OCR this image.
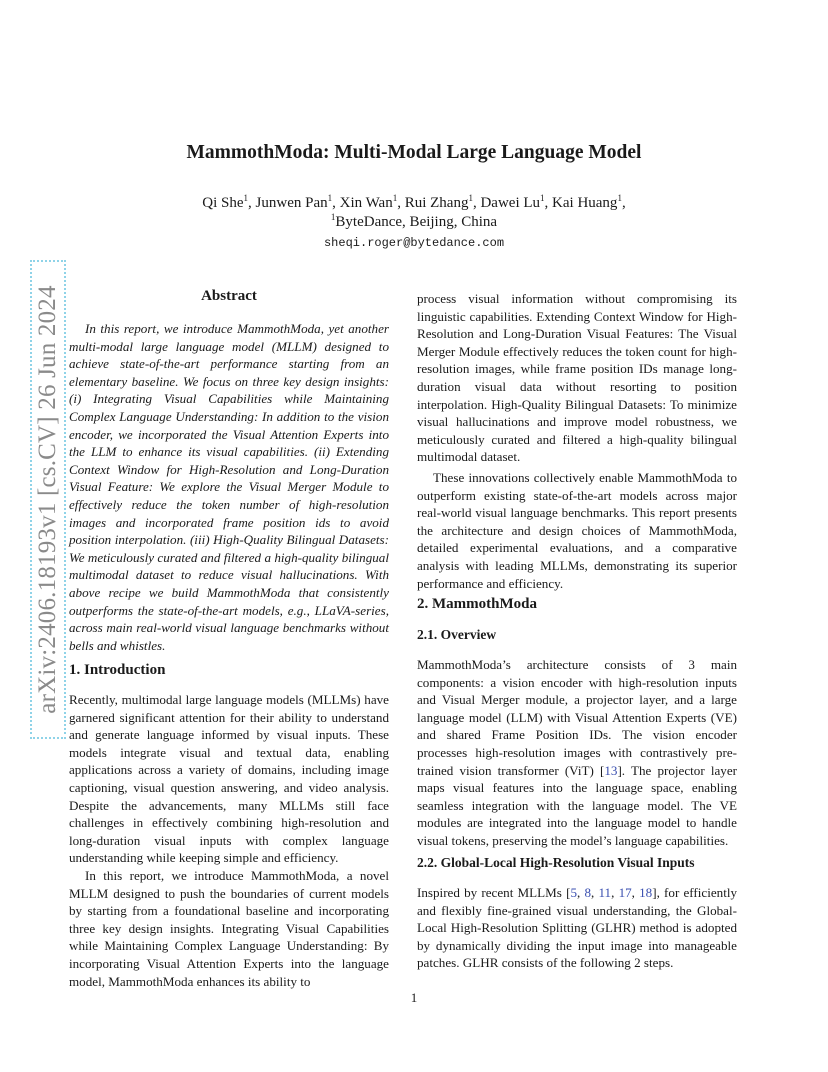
arXiv:2406.18193v1 [cs.CV] 26 Jun 2024
MammothModa: Multi-Modal Large Language Model
Qi She$^1$, Junwen Pan$^1$, Xin Wan$^1$, Rui Zhang$^1$, Dawei Lu$^1$, Kai Huang$^1$,
$^1$ByteDance, Beijing, China
sheqi.roger@bytedance.com
Abstract
In this report, we introduce MammothModa, yet another multi-modal large language model (MLLM) designed to achieve state-of-the-art performance starting from an elementary baseline. We focus on three key design insights: (i) Integrating Visual Capabilities while Maintaining Complex Language Understanding: In addition to the vision encoder, we incorporated the Visual Attention Experts into the LLM to enhance its visual capabilities. (ii) Extending Context Window for High-Resolution and Long-Duration Visual Feature: We explore the Visual Merger Module to effectively reduce the token number of high-resolution images and incorporated frame position ids to avoid position interpolation. (iii) High-Quality Bilingual Datasets: We meticulously curated and filtered a high-quality bilingual multimodal dataset to reduce visual hallucinations. With above recipe we build MammothModa that consistently outperforms the state-of-the-art models, e.g., LLaVA-series, across main real-world visual language benchmarks without bells and whistles.
1. Introduction

Recently, multimodal large language models (MLLMs) have garnered significant attention for their ability to understand and generate language informed by visual inputs. These models integrate visual and textual data, enabling applications across a variety of domains, including image captioning, visual question answering, and video analysis. Despite the advancements, many MLLMs still face challenges in effectively combining high-resolution and long-duration visual inputs with complex language understanding while keeping simple and efficiency.

In this report, we introduce MammothModa, a novel MLLM designed to push the boundaries of current models by starting from a foundational baseline and incorporating three key design insights. Integrating Visual Capabilities while Maintaining Complex Language Understanding: By incorporating Visual Attention Experts into the language model, MammothModa enhances its ability to

process visual information without compromising its linguistic capabilities. Extending Context Window for High-Resolution and Long-Duration Visual Features: The Visual Merger Module effectively reduces the token count for high-resolution images, while frame position IDs manage long-duration visual data without resorting to position interpolation. High-Quality Bilingual Datasets: To minimize visual hallucinations and improve model robustness, we meticulously curated and filtered a high-quality bilingual multimodal dataset.

These innovations collectively enable MammothModa to outperform existing state-of-the-art models across major real-world visual language benchmarks. This report presents the architecture and design choices of MammothModa, detailed experimental evaluations, and a comparative analysis with leading MLLMs, demonstrating its superior performance and efficiency.

2. MammothModa
2.1. Overview

MammothModa’s architecture consists of 3 main components: a vision encoder with high-resolution inputs and Visual Merger module, a projector layer, and a large language model (LLM) with Visual Attention Experts (VE) and shared Frame Position IDs. The vision encoder processes high-resolution images with contrastively pre-trained vision transformer (ViT) [13]. The projector layer maps visual features into the language space, enabling seamless integration with the language model. The VE modules are integrated into the language model to handle visual tokens, preserving the model’s language capabilities.

2.2. Global-Local High-Resolution Visual Inputs

Inspired by recent MLLMs [5, 8, 11, 17, 18], for efficiently and flexibly fine-grained visual understanding, the Global-Local High-Resolution Splitting (GLHR) method is adopted by dynamically dividing the input image into manageable patches. GLHR consists of the following 2 steps.

1
